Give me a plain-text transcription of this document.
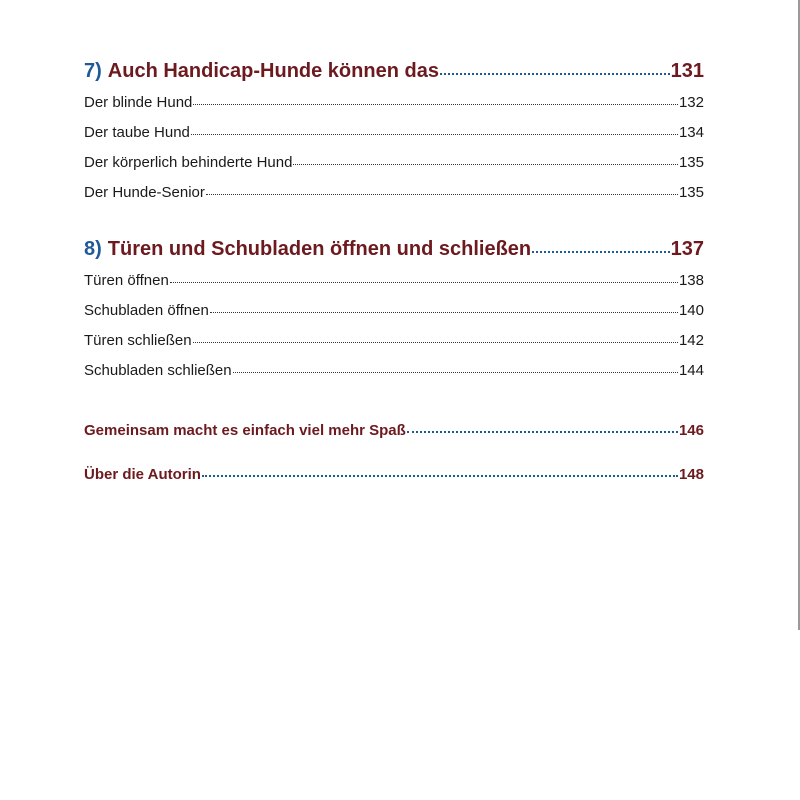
7) Auch Handicap-Hunde können das	131
Der blinde Hund	132
Der taube Hund	134
Der körperlich behinderte Hund	135
Der Hunde-Senior	135
8) Türen und Schubladen öffnen und schließen	137
Türen öffnen	138
Schubladen öffnen	140
Türen schließen	142
Schubladen schließen	144
Gemeinsam macht es einfach viel mehr Spaß	146
Über die Autorin	148
